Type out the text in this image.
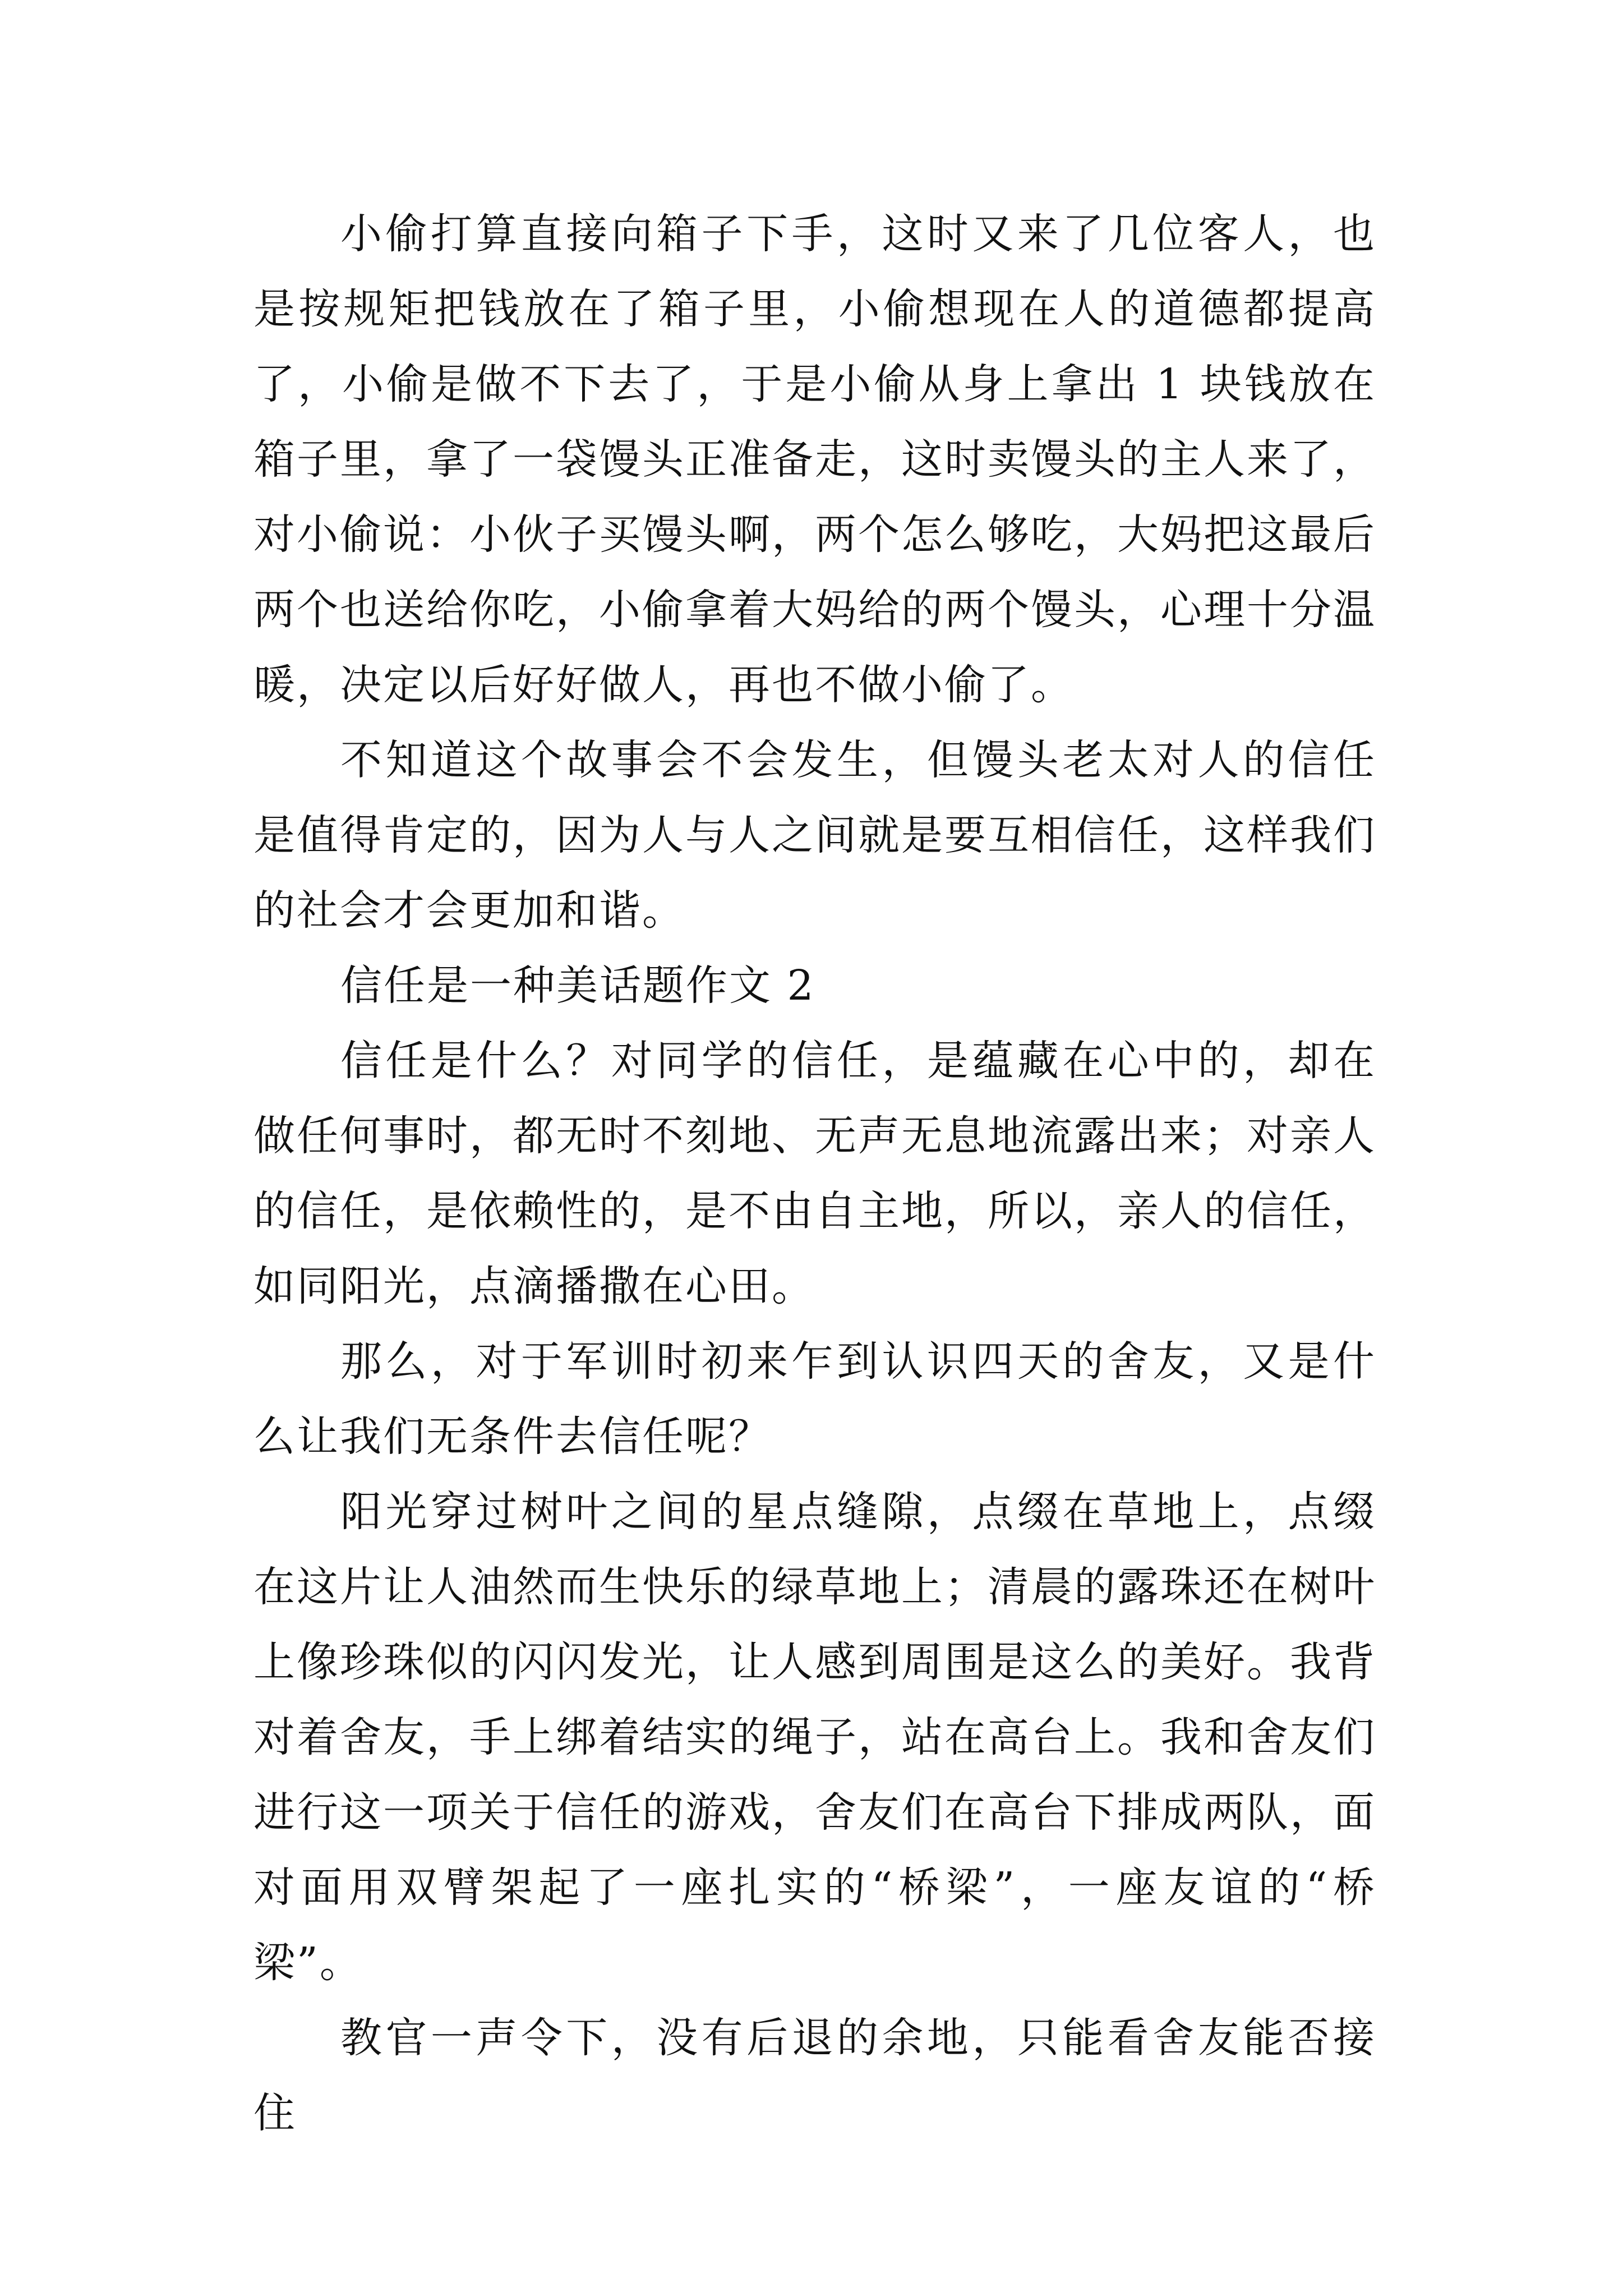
小偷打算直接向箱子下手，这时又来了几位客人，也是按规矩把钱放在了箱子里，小偷想现在人的道德都提高了，小偷是做不下去了，于是小偷从身上拿出 1 块钱放在箱子里，拿了一袋馒头正准备走，这时卖馒头的主人来了，对小偷说：小伙子买馒头啊，两个怎么够吃，大妈把这最后两个也送给你吃，小偷拿着大妈给的两个馒头，心理十分温暖，决定以后好好做人，再也不做小偷了。

不知道这个故事会不会发生，但馒头老太对人的信任是值得肯定的，因为人与人之间就是要互相信任，这样我们的社会才会更加和谐。

信任是一种美话题作文 2

信任是什么？对同学的信任，是蕴藏在心中的，却在做任何事时，都无时不刻地、无声无息地流露出来；对亲人的信任，是依赖性的，是不由自主地，所以，亲人的信任，如同阳光，点滴播撒在心田。

那么，对于军训时初来乍到认识四天的舍友，又是什么让我们无条件去信任呢？

阳光穿过树叶之间的星点缝隙，点缀在草地上，点缀在这片让人油然而生快乐的绿草地上；清晨的露珠还在树叶上像珍珠似的闪闪发光，让人感到周围是这么的美好。我背对着舍友，手上绑着结实的绳子，站在高台上。我和舍友们进行这一项关于信任的游戏，舍友们在高台下排成两队，面对面用双臂架起了一座扎实的“桥梁”，一座友谊的“桥梁”。

教官一声令下，没有后退的余地，只能看舍友能否接住
